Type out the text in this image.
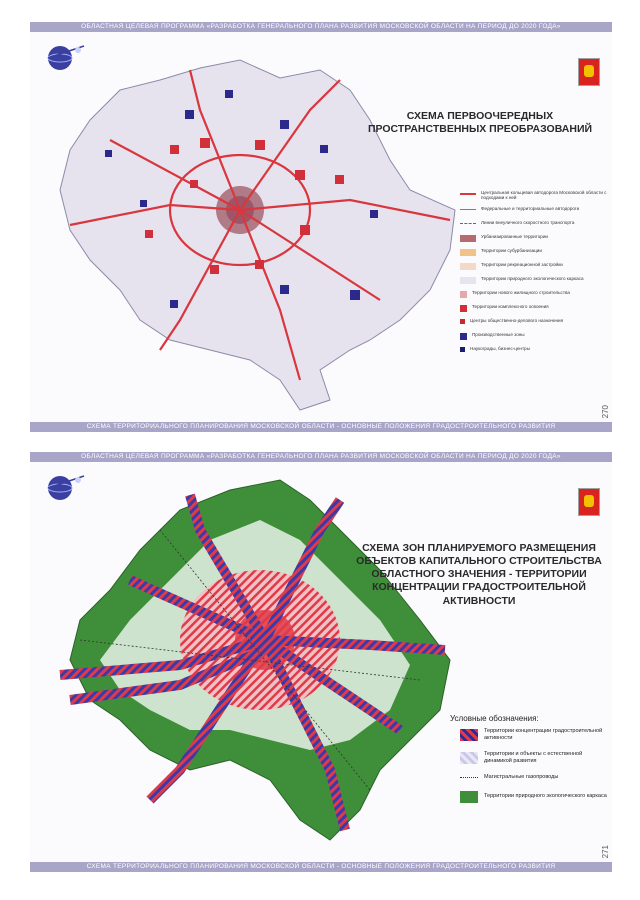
ОБЛАСТНАЯ ЦЕЛЕВАЯ ПРОГРАММА «РАЗРАБОТКА ГЕНЕРАЛЬНОГО ПЛАНА РАЗВИТИЯ МОСКОВСКОЙ ОБЛАСТИ НА ПЕРИОД ДО 2020 ГОДА»
СХЕМА ПЕРВООЧЕРЕДНЫХ
ПРОСТРАНСТВЕННЫХ ПРЕОБРАЗОВАНИЙ
Центральная кольцевая автодорога Московской области с подходами к ней
Федеральные и территориальные автодороги
Линии внеуличного скоростного транспорта
Урбанизированные территории
Территории субурбанизации
Территории рекреационной застройки
Территории природного экологического каркаса
Территории нового жилищного строительства
Территории комплексного освоения
Центры общественно-делового назначения
Производственные зоны
Наукограды, бизнес-центры
270
СХЕМА ТЕРРИТОРИАЛЬНОГО ПЛАНИРОВАНИЯ МОСКОВСКОЙ ОБЛАСТИ - ОСНОВНЫЕ ПОЛОЖЕНИЯ ГРАДОСТРОИТЕЛЬНОГО РАЗВИТИЯ
ОБЛАСТНАЯ ЦЕЛЕВАЯ ПРОГРАММА «РАЗРАБОТКА ГЕНЕРАЛЬНОГО ПЛАНА РАЗВИТИЯ МОСКОВСКОЙ ОБЛАСТИ НА ПЕРИОД ДО 2020 ГОДА»
СХЕМА ЗОН ПЛАНИРУЕМОГО РАЗМЕЩЕНИЯ
ОБЪЕКТОВ КАПИТАЛЬНОГО СТРОИТЕЛЬСТВА
ОБЛАСТНОГО ЗНАЧЕНИЯ - ТЕРРИТОРИИ
КОНЦЕНТРАЦИИ ГРАДОСТРОИТЕЛЬНОЙ
АКТИВНОСТИ
Условные обозначения:
Территории концентрации градостроительной активности
Территории и объекты с естественной динамикой развития
Магистральные газопроводы
Территории природного экологического каркаса
271
СХЕМА ТЕРРИТОРИАЛЬНОГО ПЛАНИРОВАНИЯ МОСКОВСКОЙ ОБЛАСТИ - ОСНОВНЫЕ ПОЛОЖЕНИЯ ГРАДОСТРОИТЕЛЬНОГО РАЗВИТИЯ
